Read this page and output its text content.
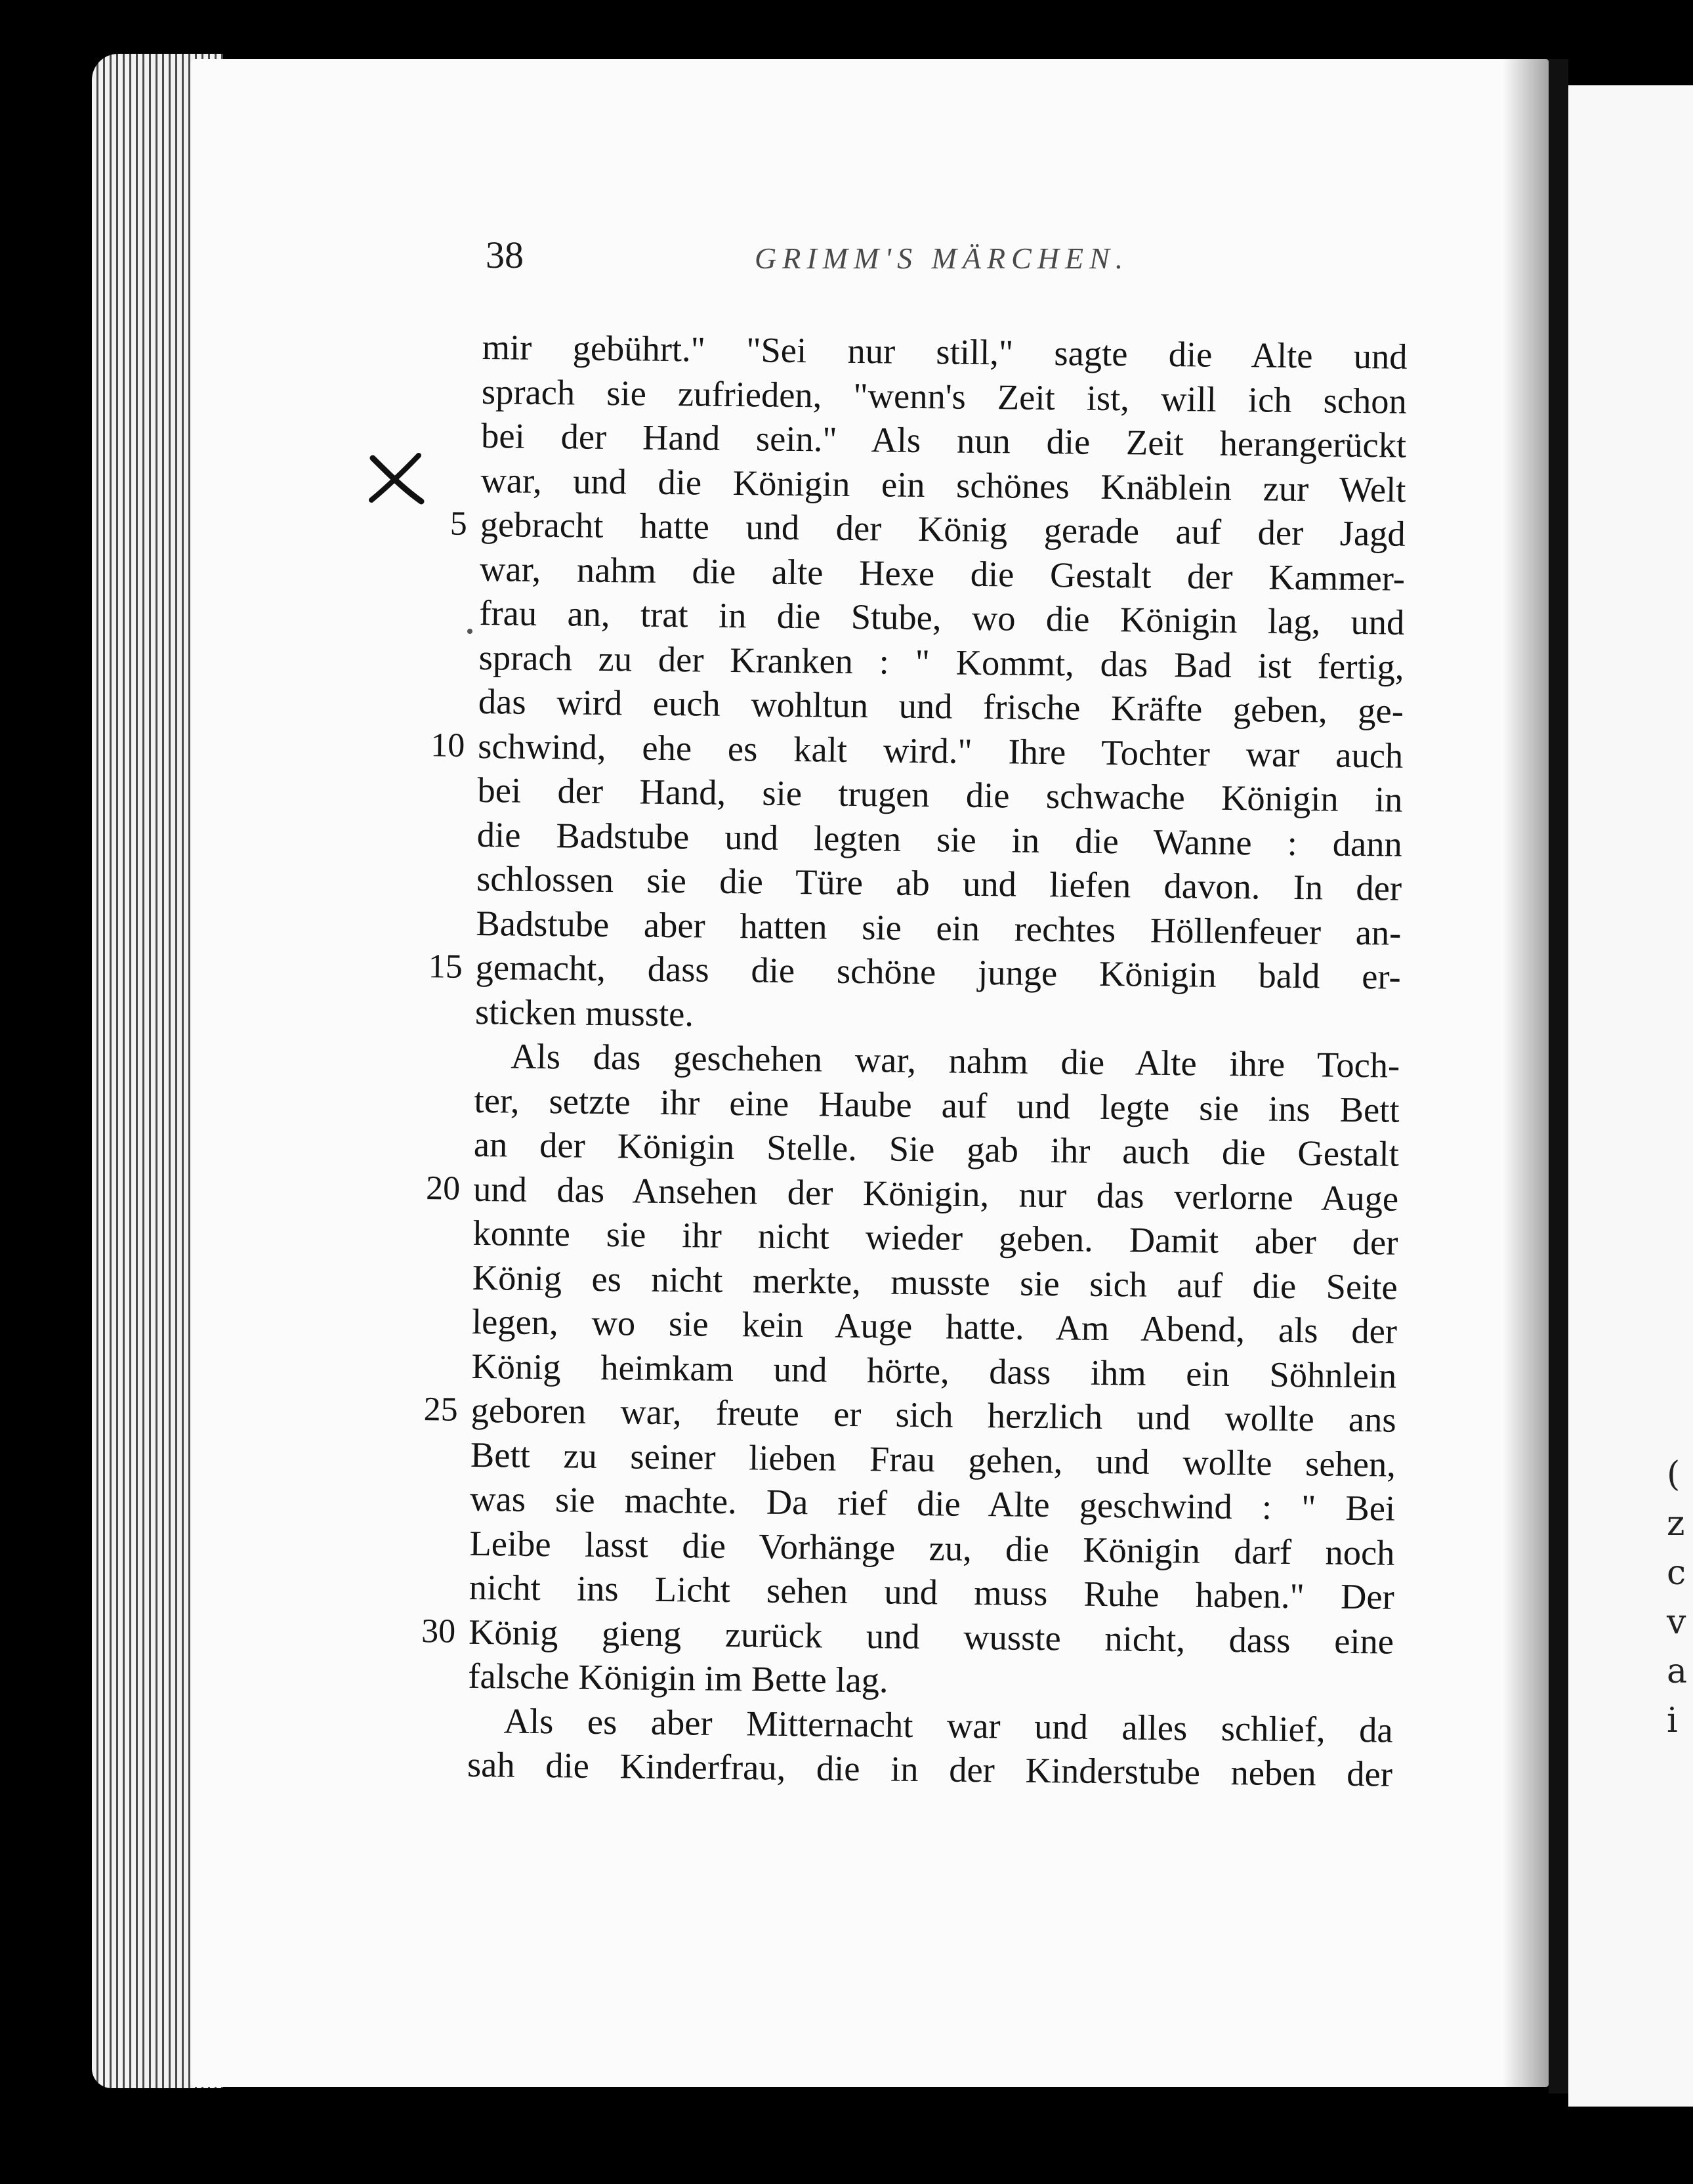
(
z
c
v
a
i
38	GRIMM'S MÄRCHEN.
mir gebührt." "Sei nur still," sagte die Alte und
sprach sie zufrieden, "wenn's Zeit ist, will ich schon
bei der Hand sein." Als nun die Zeit herangerückt
war, und die Königin ein schönes Knäblein zur Welt
5 gebracht hatte und der König gerade auf der Jagd
war, nahm die alte Hexe die Gestalt der Kammer-
frau an, trat in die Stube, wo die Königin lag, und
sprach zu der Kranken : " Kommt, das Bad ist fertig,
das wird euch wohltun und frische Kräfte geben, ge-
10 schwind, ehe es kalt wird." Ihre Tochter war auch
bei der Hand, sie trugen die schwache Königin in
die Badstube und legten sie in die Wanne : dann
schlossen sie die Türe ab und liefen davon. In der
Badstube aber hatten sie ein rechtes Höllenfeuer an-
15 gemacht, dass die schöne junge Königin bald er-
sticken musste.
Als das geschehen war, nahm die Alte ihre Toch-
ter, setzte ihr eine Haube auf und legte sie ins Bett
an der Königin Stelle. Sie gab ihr auch die Gestalt
20 und das Ansehen der Königin, nur das verlorne Auge
konnte sie ihr nicht wieder geben. Damit aber der
König es nicht merkte, musste sie sich auf die Seite
legen, wo sie kein Auge hatte. Am Abend, als der
König heimkam und hörte, dass ihm ein Söhnlein
25 geboren war, freute er sich herzlich und wollte ans
Bett zu seiner lieben Frau gehen, und wollte sehen,
was sie machte. Da rief die Alte geschwind : " Bei
Leibe lasst die Vorhänge zu, die Königin darf noch
nicht ins Licht sehen und muss Ruhe haben." Der
30 König gieng zurück und wusste nicht, dass eine
falsche Königin im Bette lag.
Als es aber Mitternacht war und alles schlief, da
sah die Kinderfrau, die in der Kinderstube neben der
